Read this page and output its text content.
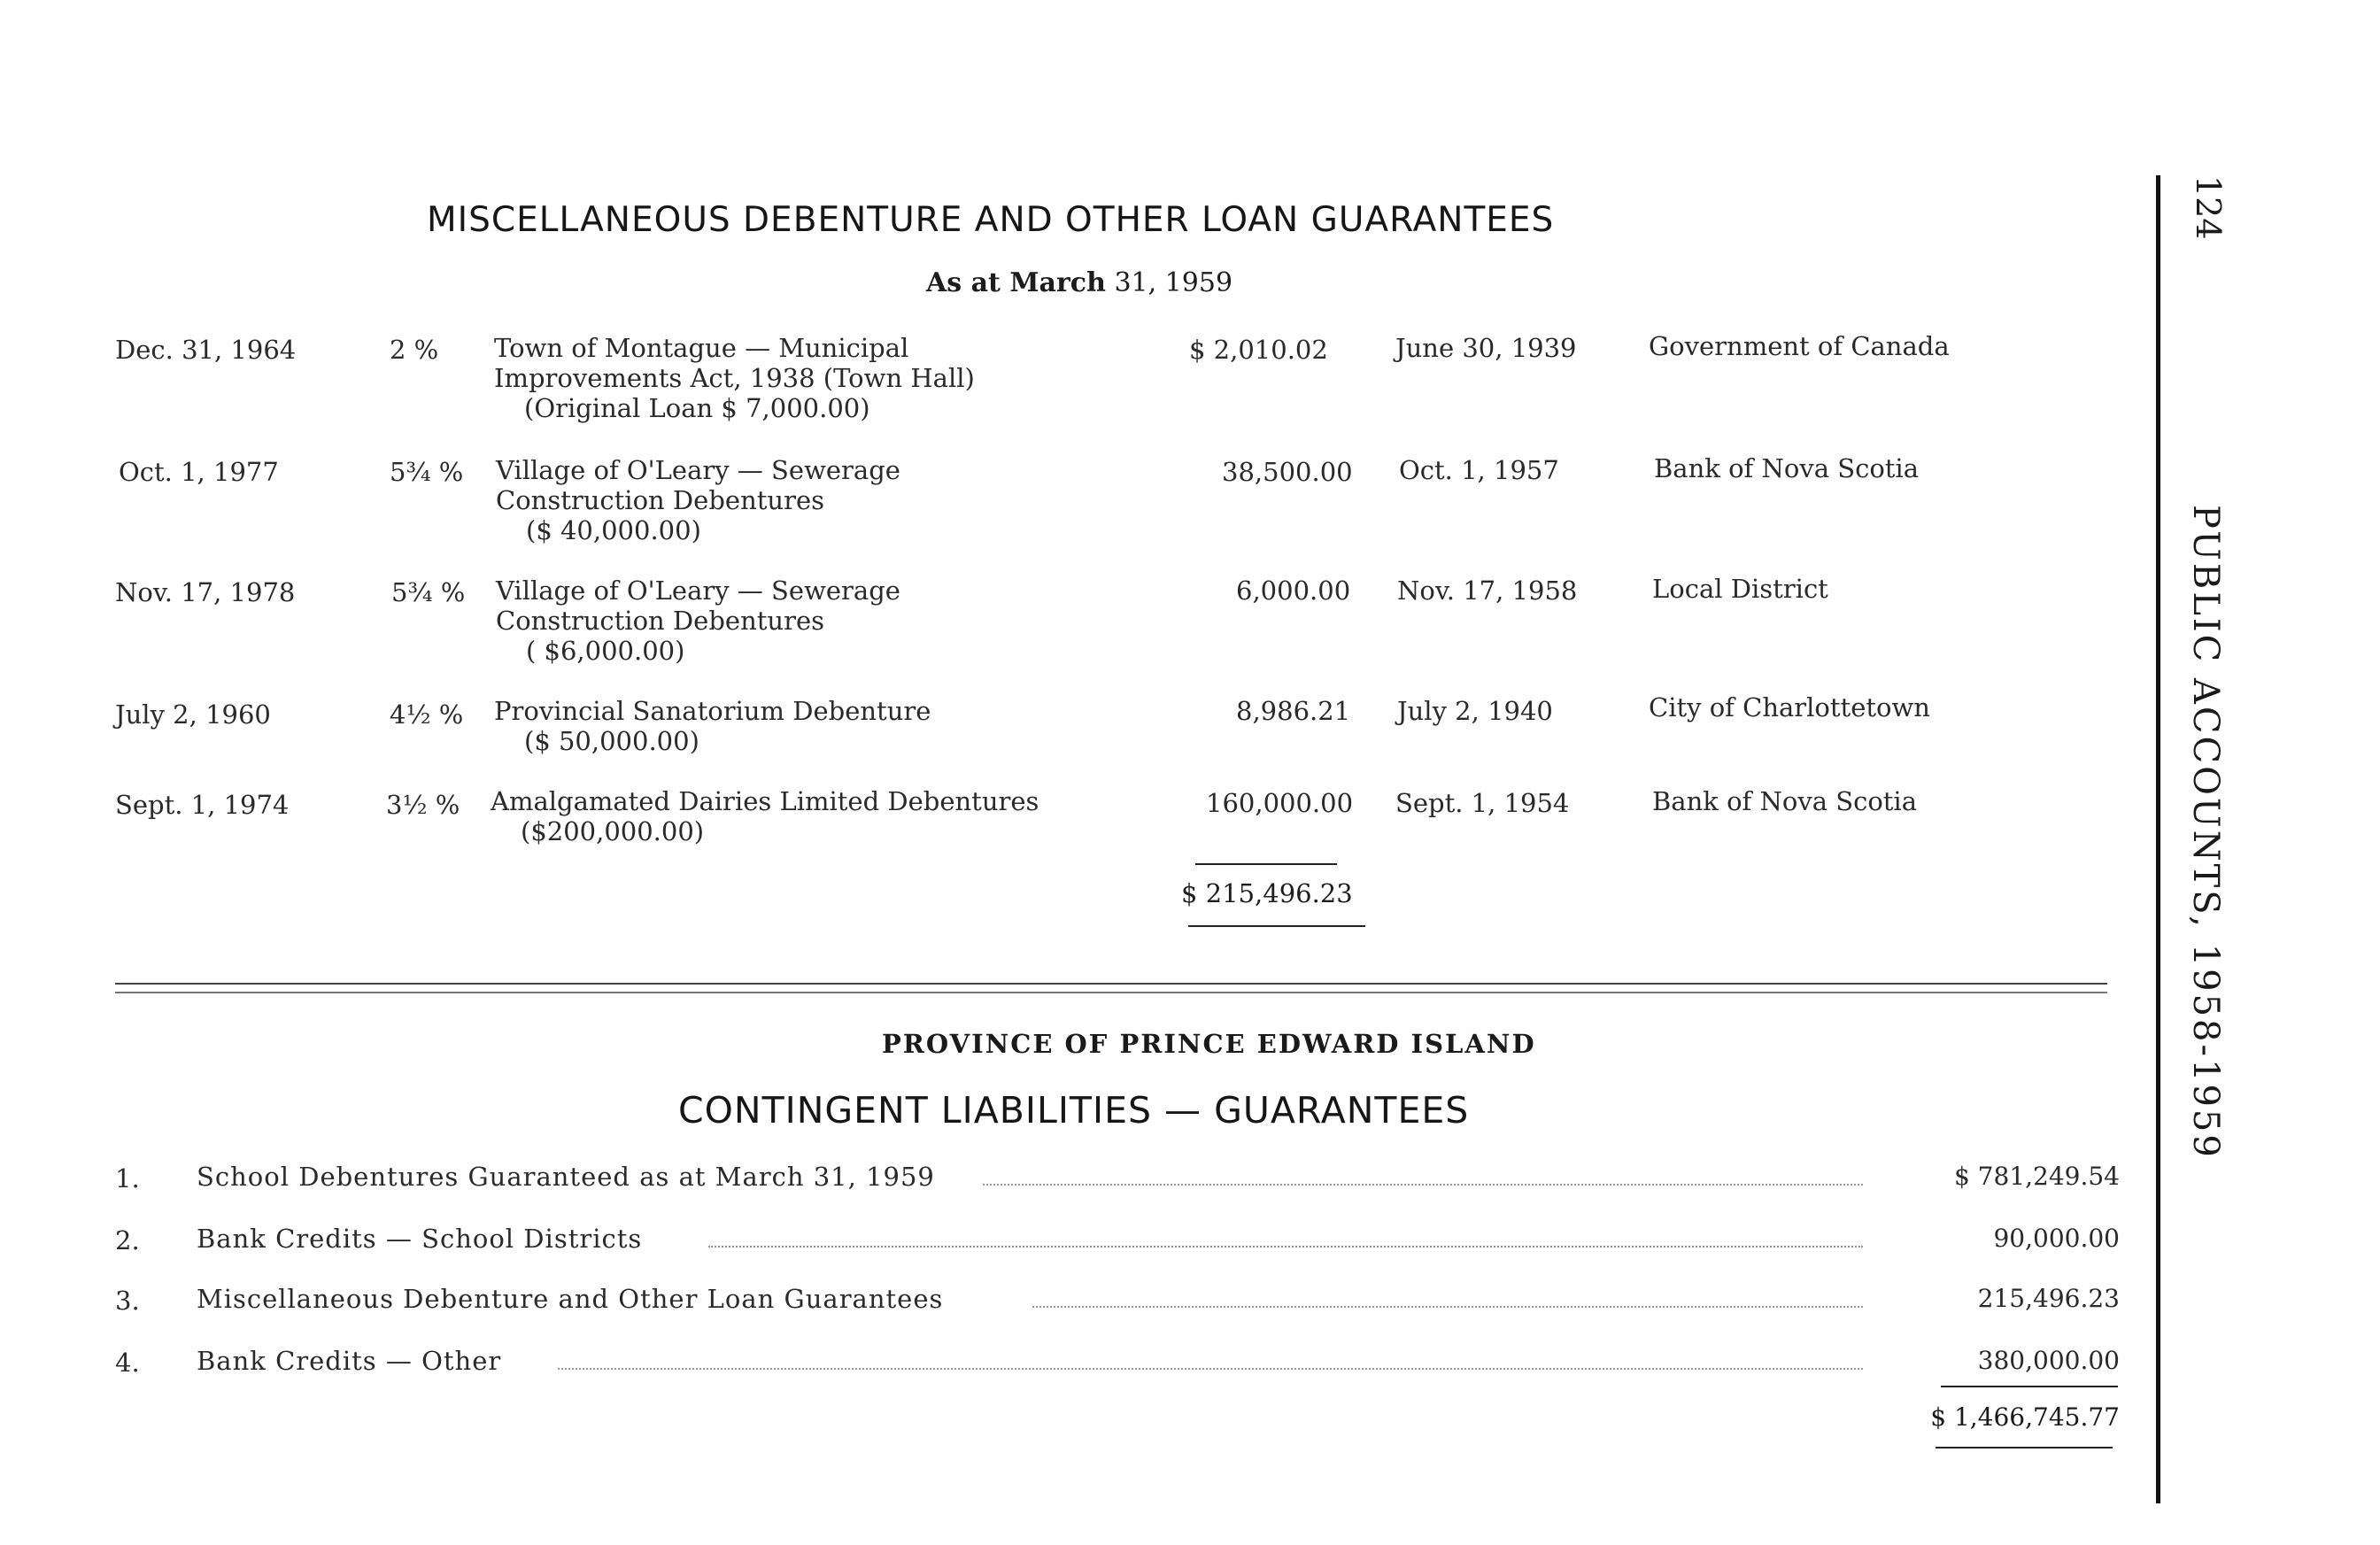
MISCELLANEOUS DEBENTURE AND OTHER LOAN GUARANTEES
As at March 31, 1959
Dec. 31, 1964	2 % Town of Montague — Municipal
Improvements Act, 1938 (Town Hall)
(Original Loan $ 7,000.00)
$ 2,010.02	June 30, 1939	Government of Canada
Oct. 1, 1977	5¾ % Village of O'Leary — Sewerage
Construction Debentures
($ 40,000.00)
38,500.00 Oct. 1, 1957	Bank of Nova Scotia
Nov. 17, 1978	5¾ % Village of O'Leary — Sewerage
Construction Debentures
( $6,000.00)
6,000.00 Nov. 17, 1958	Local District
July 2, 1960	4½ % Provincial Sanatorium Debenture
($ 50,000.00)
8,986.21 July 2, 1940	City of Charlottetown
Sept. 1, 1974	3½ % Amalgamated Dairies Limited Debentures
($200,000.00)
160,000.00 Sept. 1, 1954	Bank of Nova Scotia
$ 215,496.23
PROVINCE OF PRINCE EDWARD ISLAND
CONTINGENT LIABILITIES — GUARANTEES
1. School Debentures Guaranteed as at March 31, 1959	$ 781,249.54
2. Bank Credits — School Districts	90,000.00
3. Miscellaneous Debenture and Other Loan Guarantees	215,496.23
4. Bank Credits — Other	380,000.00
$ 1,466,745.77
124
PUBLIC ACCOUNTS, 1958-1959
